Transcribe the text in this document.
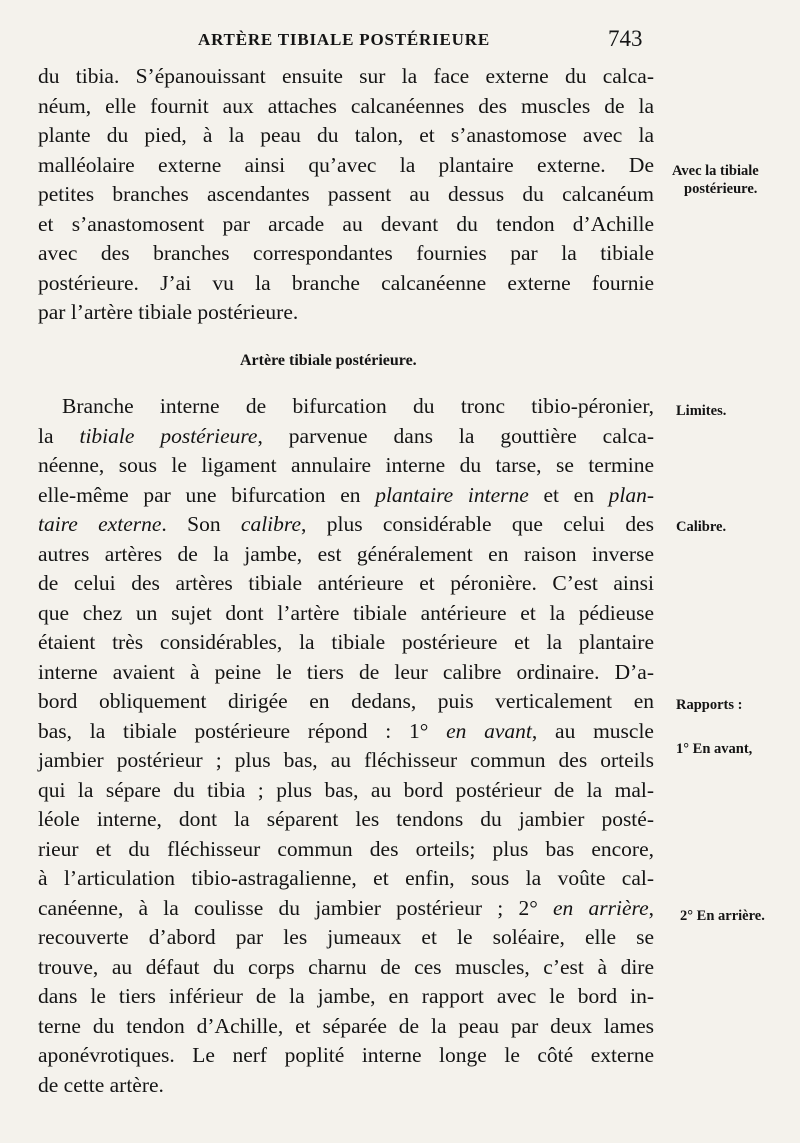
ARTÈRE TIBIALE POSTÉRIEURE	743
du tibia. S’épanouissant ensuite sur la face externe du calca-
néum, elle fournit aux attaches calcanéennes des muscles de la
plante du pied, à la peau du talon, et s’anastomose avec la
malléolaire externe ainsi qu’avec la plantaire externe. De
petites branches ascendantes passent au dessus du calcanéum
et s’anastomosent par arcade au devant du tendon d’Achille
avec des branches correspondantes fournies par la tibiale
postérieure. J’ai vu la branche calcanéenne externe fournie
par l’artère tibiale postérieure.
Artère tibiale postérieure.
Branche interne de bifurcation du tronc tibio-péronier,
la tibiale postérieure, parvenue dans la gouttière calca-
néenne, sous le ligament annulaire interne du tarse, se termine
elle-même par une bifurcation en plantaire interne et en plan-
taire externe. Son calibre, plus considérable que celui des
autres artères de la jambe, est généralement en raison inverse
de celui des artères tibiale antérieure et péronière. C’est ainsi
que chez un sujet dont l’artère tibiale antérieure et la pédieuse
étaient très considérables, la tibiale postérieure et la plantaire
interne avaient à peine le tiers de leur calibre ordinaire. D’a-
bord obliquement dirigée en dedans, puis verticalement en
bas, la tibiale postérieure répond : 1° en avant, au muscle
jambier postérieur ; plus bas, au fléchisseur commun des orteils
qui la sépare du tibia ; plus bas, au bord postérieur de la mal-
léole interne, dont la séparent les tendons du jambier posté-
rieur et du fléchisseur commun des orteils; plus bas encore,
à l’articulation tibio-astragalienne, et enfin, sous la voûte cal-
canéenne, à la coulisse du jambier postérieur ; 2° en arrière,
recouverte d’abord par les jumeaux et le soléaire, elle se
trouve, au défaut du corps charnu de ces muscles, c’est à dire
dans le tiers inférieur de la jambe, en rapport avec le bord in-
terne du tendon d’Achille, et séparée de la peau par deux lames
aponévrotiques. Le nerf poplité interne longe le côté externe
de cette artère.
Avec la tibiale
postérieure.
Limites.
Calibre.
Rapports :
1° En avant,
2° En arrière.
